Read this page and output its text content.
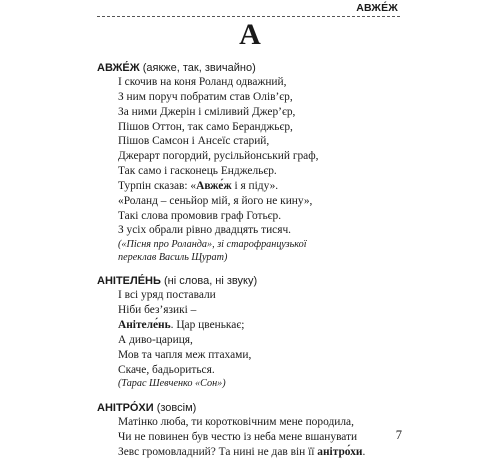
АВЖЕ́Ж
А
АВЖЕ́Ж (аякже, так, звичайно)
І скочив на коня Роланд одважний,
З ним поруч побратим став Олів’єр,
За ними Джерін і сміливий Джер’єр,
Пішов Оттон, так само Беранджьєр,
Пішов Самсон і Ансеїс старий,
Джерарт погордий, русільйонський граф,
Так само і гасконець Енджельєр.
Турпін сказав: «Авже́ж і я піду».
«Роланд – сеньйор мій, я його не кину»,
Такі слова промовив граф Готьєр.
З усіх обрали рівно двадцять тисяч.
(«Пісня про Роланда», зі старофранцузької
переклав Василь Щурат)
АНІТЕЛЕ́НЬ (ні слова, ні звуку)
І всі уряд поставали
Ніби без’язикі –
Анітеле́нь. Цар цвенькає;
А диво-цариця,
Мов та чапля меж птахами,
Скаче, бадьориться.
(Тарас Шевченко «Сон»)
АНІТРО́ХИ (зовсім)
Матінко люба, ти коротковічним мене породила,
Чи не повинен був честю із неба мене вшанувати
Зевс громовладний? Та нині не дав він її анітро́хи.
7
